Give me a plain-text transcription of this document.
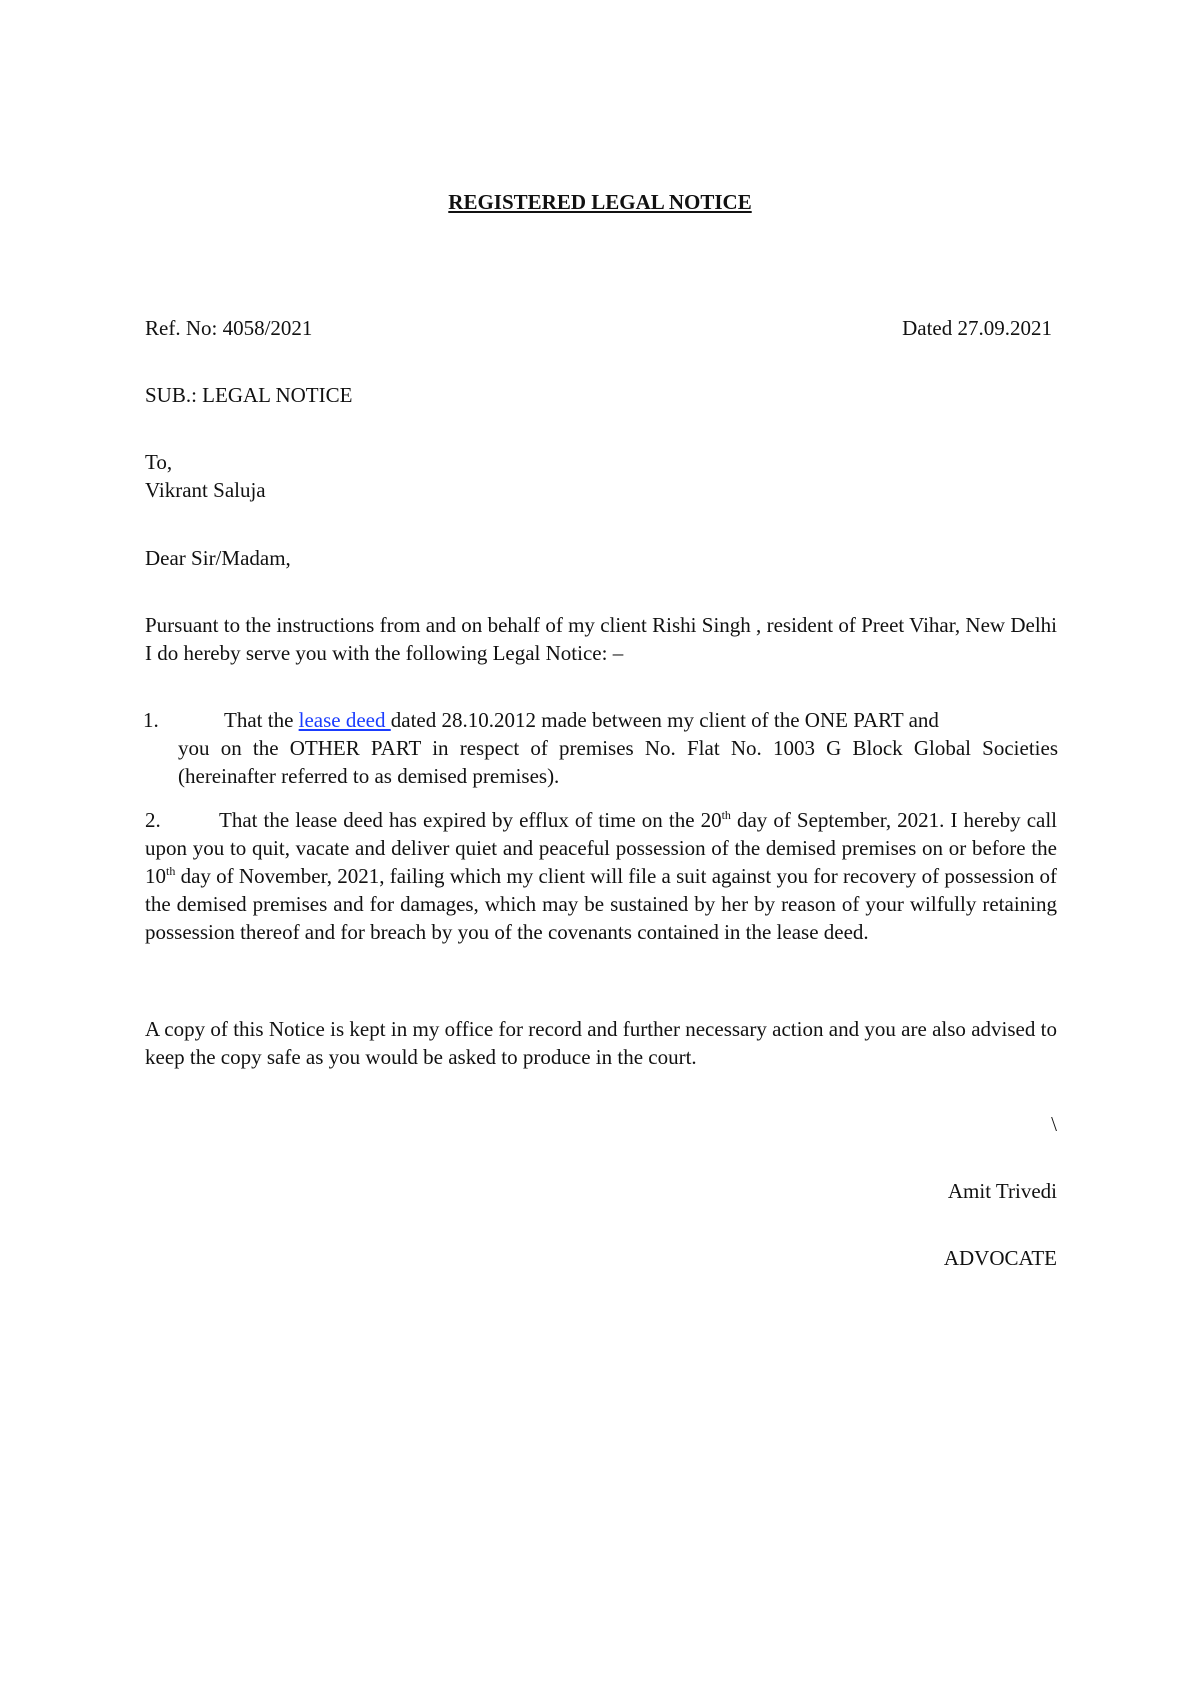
REGISTERED LEGAL NOTICE
Ref. No: 4058/2021	Dated 27.09.2021
SUB.: LEGAL NOTICE
To,
Vikrant Saluja
Dear Sir/Madam,
Pursuant to the instructions from and on behalf of my client Rishi Singh , resident of Preet Vihar, New Delhi I do hereby serve you with the following Legal Notice: –
1.	That the lease deed dated 28.10.2012 made between my client of the ONE PART and
you on the OTHER PART in respect of premises No. Flat No. 1003 G Block Global Societies (hereinafter referred to as demised premises).
2.	That the lease deed has expired by efflux of time on the 20th day of September, 2021. I hereby call upon you to quit, vacate and deliver quiet and peaceful possession of the demised premises on or before the 10th day of November, 2021, failing which my client will file a suit against you for recovery of possession of the demised premises and for damages, which may be sustained by her by reason of your wilfully retaining possession thereof and for breach by you of the covenants contained in the lease deed.
A copy of this Notice is kept in my office for record and further necessary action and you are also advised to keep the copy safe as you would be asked to produce in the court.
\
Amit Trivedi
ADVOCATE
